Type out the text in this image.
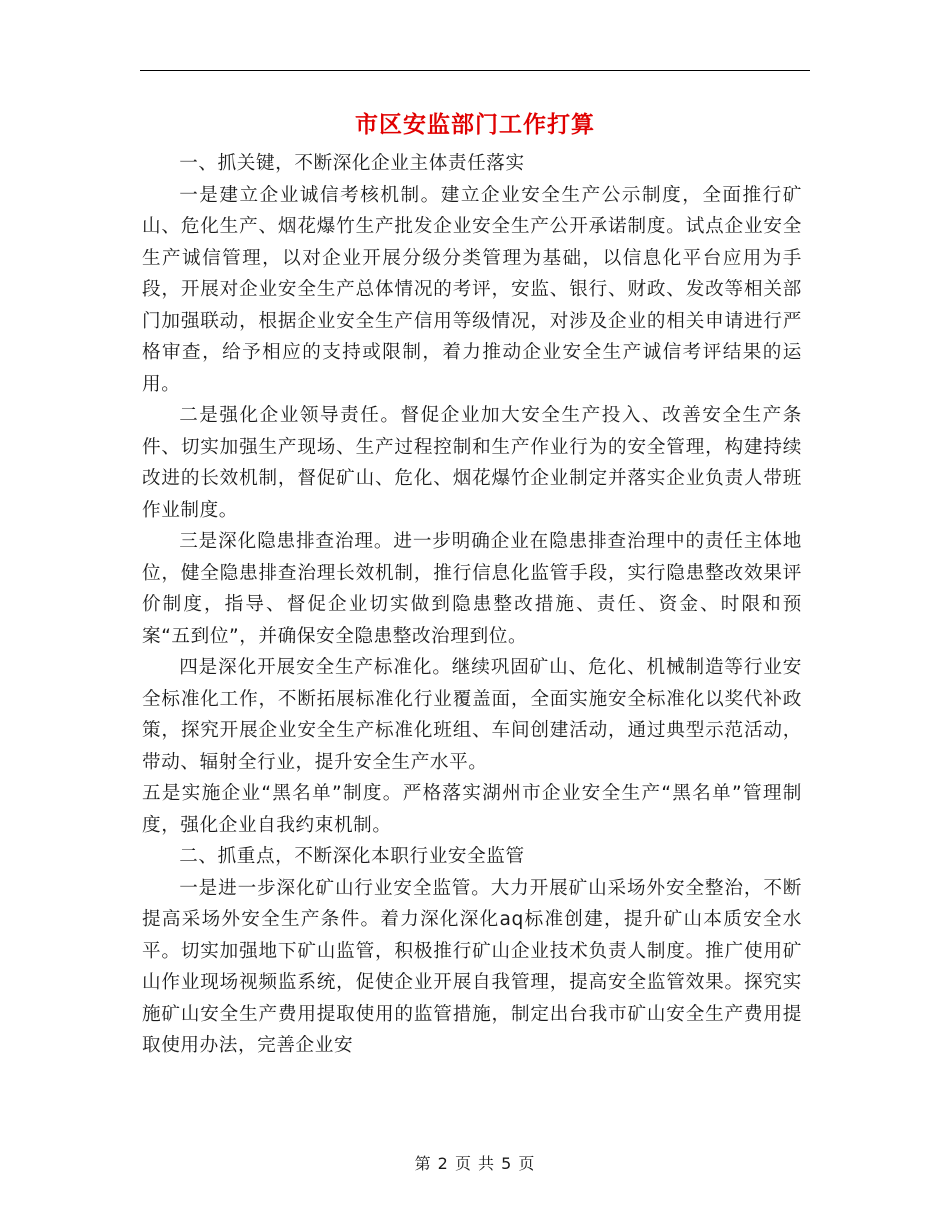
市区安监部门工作打算

一、抓关键，不断深化企业主体责任落实

一是建立企业诚信考核机制。建立企业安全生产公示制度，全面推行矿山、危化生产、烟花爆竹生产批发企业安全生产公开承诺制度。试点企业安全生产诚信管理，以对企业开展分级分类管理为基础，以信息化平台应用为手段，开展对企业安全生产总体情况的考评，安监、银行、财政、发改等相关部门加强联动，根据企业安全生产信用等级情况，对涉及企业的相关申请进行严格审查，给予相应的支持或限制，着力推动企业安全生产诚信考评结果的运用。

二是强化企业领导责任。督促企业加大安全生产投入、改善安全生产条件、切实加强生产现场、生产过程控制和生产作业行为的安全管理，构建持续改进的长效机制，督促矿山、危化、烟花爆竹企业制定并落实企业负责人带班作业制度。

三是深化隐患排查治理。进一步明确企业在隐患排查治理中的责任主体地位，健全隐患排查治理长效机制，推行信息化监管手段，实行隐患整改效果评价制度，指导、督促企业切实做到隐患整改措施、责任、资金、时限和预案“五到位”，并确保安全隐患整改治理到位。

四是深化开展安全生产标准化。继续巩固矿山、危化、机械制造等行业安全标准化工作，不断拓展标准化行业覆盖面，全面实施安全标准化以奖代补政策，探究开展企业安全生产标准化班组、车间创建活动，通过典型示范活动，带动、辐射全行业，提升安全生产水平。

五是实施企业“黑名单”制度。严格落实湖州市企业安全生产“黑名单”管理制度，强化企业自我约束机制。

二、抓重点，不断深化本职行业安全监管

一是进一步深化矿山行业安全监管。大力开展矿山采场外安全整治，不断提高采场外安全生产条件。着力深化深化aq标准创建，提升矿山本质安全水平。切实加强地下矿山监管，积极推行矿山企业技术负责人制度。推广使用矿山作业现场视频监系统，促使企业开展自我管理，提高安全监管效果。探究实施矿山安全生产费用提取使用的监管措施，制定出台我市矿山安全生产费用提取使用办法，完善企业安

第 2 页 共 5 页
